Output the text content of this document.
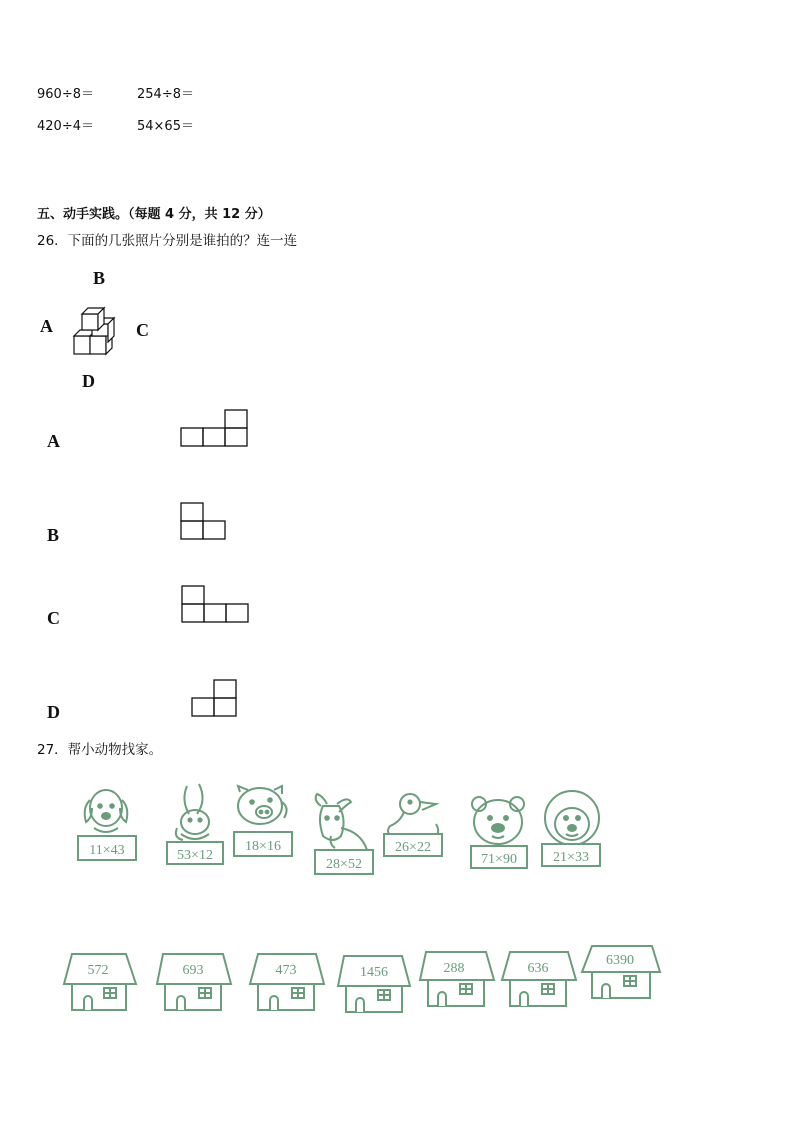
960÷8＝	254÷8＝
420÷4＝	54×65＝
五、动手实践。（每题 4 分，共 12 分）
26．下面的几张照片分别是谁拍的？连一连
B
A	C
D
A
B
C
D
27．帮小动物找家。
11×43	53×12
18×16
28×52
26×22
71×90	21×33
572	693	473	1456	288	636
6390
